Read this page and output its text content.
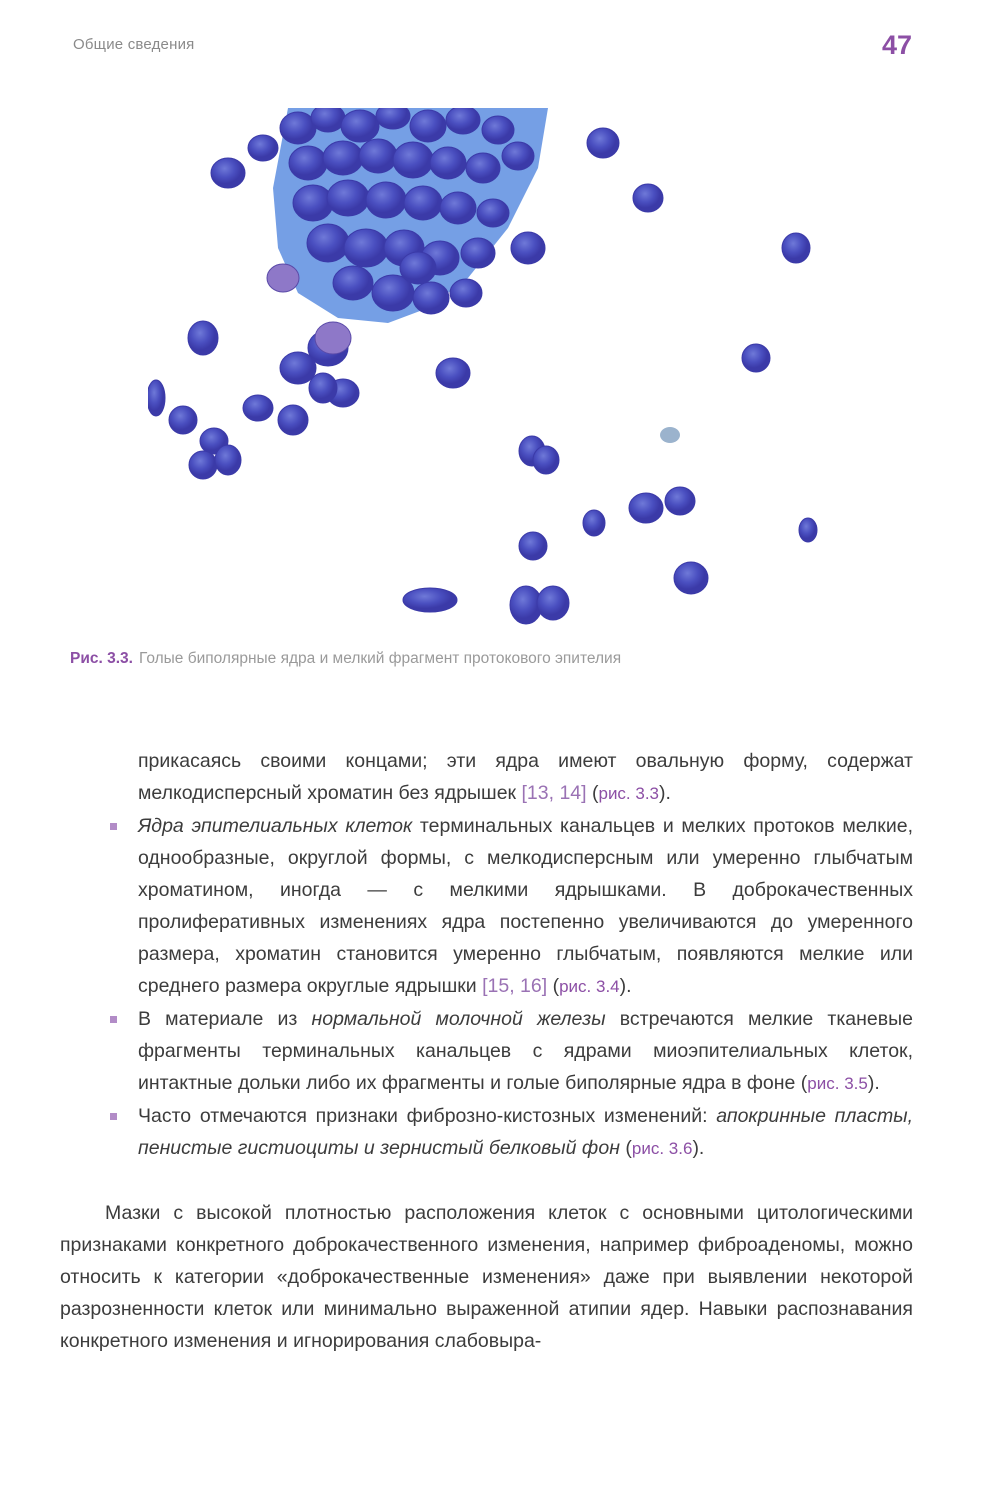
Общие сведения	47
Рис. 3.3. Голые биполярные ядра и мелкий фрагмент протокового эпителия

прикасаясь своими концами; эти ядра имеют овальную форму, содержат мелкодисперсный хроматин без ядрышек [13, 14] (рис. 3.3).

Ядра эпителиальных клеток терминальных канальцев и мелких протоков мелкие, однообразные, округлой формы, с мелкодисперсным или умеренно глыбчатым хроматином, иногда — с мелкими ядрышками. В доброкачественных пролиферативных изменениях ядра постепенно увеличиваются до умеренного размера, хроматин становится умеренно глыбчатым, появляются мелкие или среднего размера округлые ядрышки [15, 16] (рис. 3.4).

В материале из нормальной молочной железы встречаются мелкие тканевые фрагменты терминальных канальцев с ядрами миоэпителиальных клеток, интактные дольки либо их фрагменты и голые биполярные ядра в фоне (рис. 3.5).

Часто отмечаются признаки фиброзно-кистозных изменений: апокринные пласты, пенистые гистиоциты и зернистый белковый фон (рис. 3.6).

Мазки с высокой плотностью расположения клеток с основными цитологическими признаками конкретного доброкачественного изменения, например фиброаденомы, можно относить к категории «доброкачественные изменения» даже при выявлении некоторой разрозненности клеток или минимально выраженной атипии ядер. Навыки распознавания конкретного изменения и игнорирования слабовыра-
